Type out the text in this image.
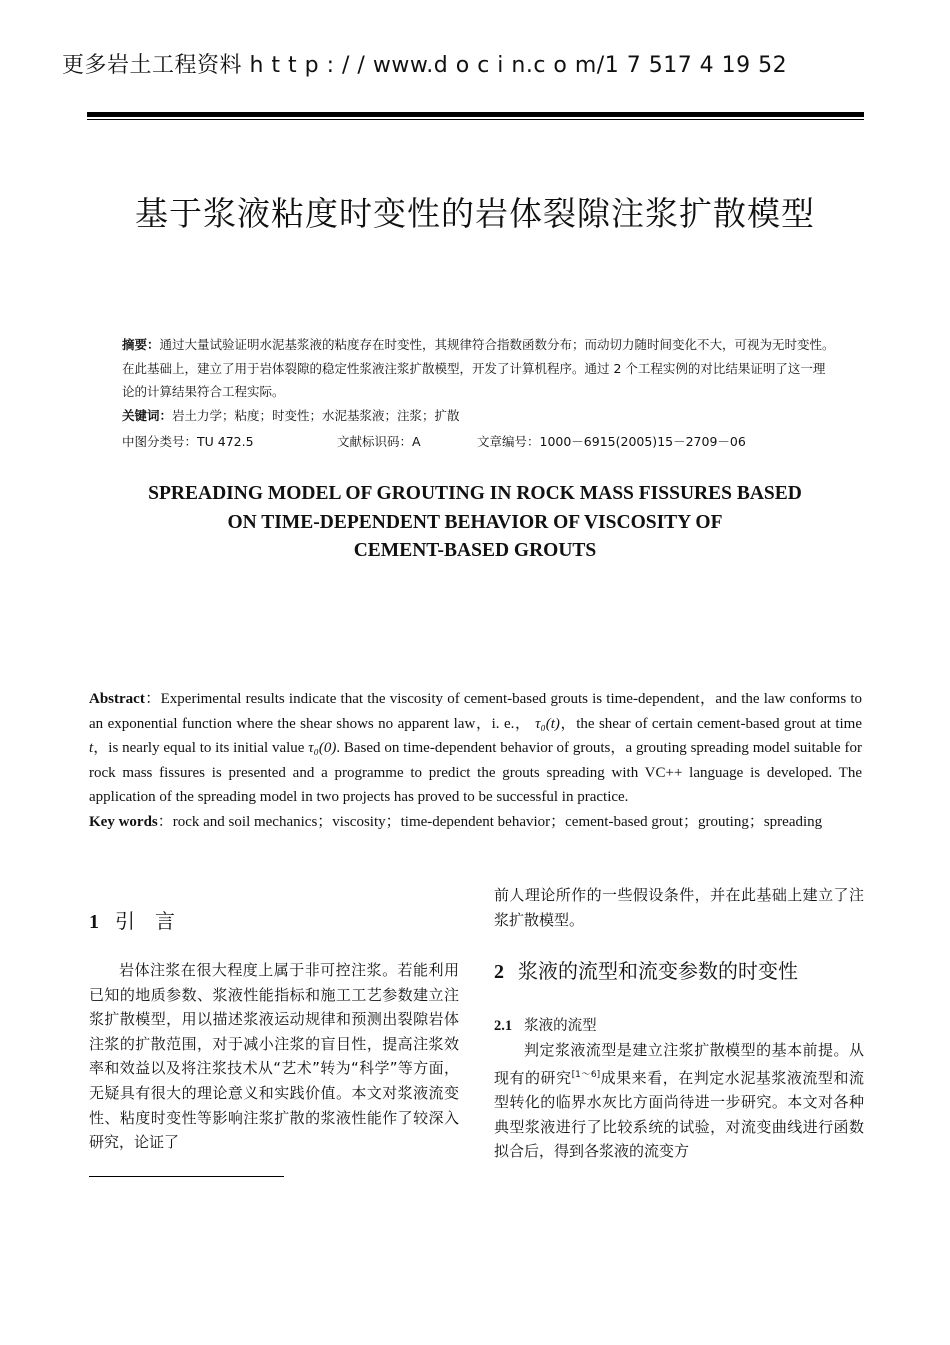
更多岩土工程资料 h t t p : / / www.d o c i n.c o m/1 7 517 4 19 52
基于浆液粘度时变性的岩体裂隙注浆扩散模型
摘要：通过大量试验证明水泥基浆液的粘度存在时变性，其规律符合指数函数分布；而动切力随时间变化不大，可视为无时变性。在此基础上，建立了用于岩体裂隙的稳定性浆液注浆扩散模型，开发了计算机程序。通过 2 个工程实例的对比结果证明了这一理论的计算结果符合工程实际。
关键词：岩土力学；粘度；时变性；水泥基浆液；注浆；扩散
中图分类号：TU 472.5	文献标识码：A	文章编号：1000－6915(2005)15－2709－06
SPREADING MODEL OF GROUTING IN ROCK MASS FISSURES BASED
ON TIME-DEPENDENT BEHAVIOR OF VISCOSITY OF
CEMENT-BASED GROUTS
Abstract：Experimental results indicate that the viscosity of cement-based grouts is time-dependent，and the law conforms to an exponential function where the shear shows no apparent law，i. e.， τ₀(t)，the shear of certain cement-based grout at time t，is nearly equal to its initial value τ₀(0). Based on time-dependent behavior of grouts，a grouting spreading model suitable for rock mass fissures is presented and a programme to predict the grouts spreading with VC++ language is developed. The application of the spreading model in two projects has proved to be successful in practice.
Key words：rock and soil mechanics；viscosity；time-dependent behavior；cement-based grout；grouting；spreading
1 引　言
岩体注浆在很大程度上属于非可控注浆。若能利用已知的地质参数、浆液性能指标和施工工艺参数建立注浆扩散模型，用以描述浆液运动规律和预测出裂隙岩体注浆的扩散范围，对于减小注浆的盲目性，提高注浆效率和效益以及将注浆技术从“艺术”转为“科学”等方面，无疑具有很大的理论意义和实践价值。本文对浆液流变性、粘度时变性等影响注浆扩散的浆液性能作了较深入研究，论证了
前人理论所作的一些假设条件，并在此基础上建立了注浆扩散模型。
2 浆液的流型和流变参数的时变性
2.1 浆液的流型
判定浆液流型是建立注浆扩散模型的基本前提。从现有的研究[1～6]成果来看，在判定水泥基浆液流型和流型转化的临界水灰比方面尚待进一步研究。本文对各种典型浆液进行了比较系统的试验，对流变曲线进行函数拟合后，得到各浆液的流变方
